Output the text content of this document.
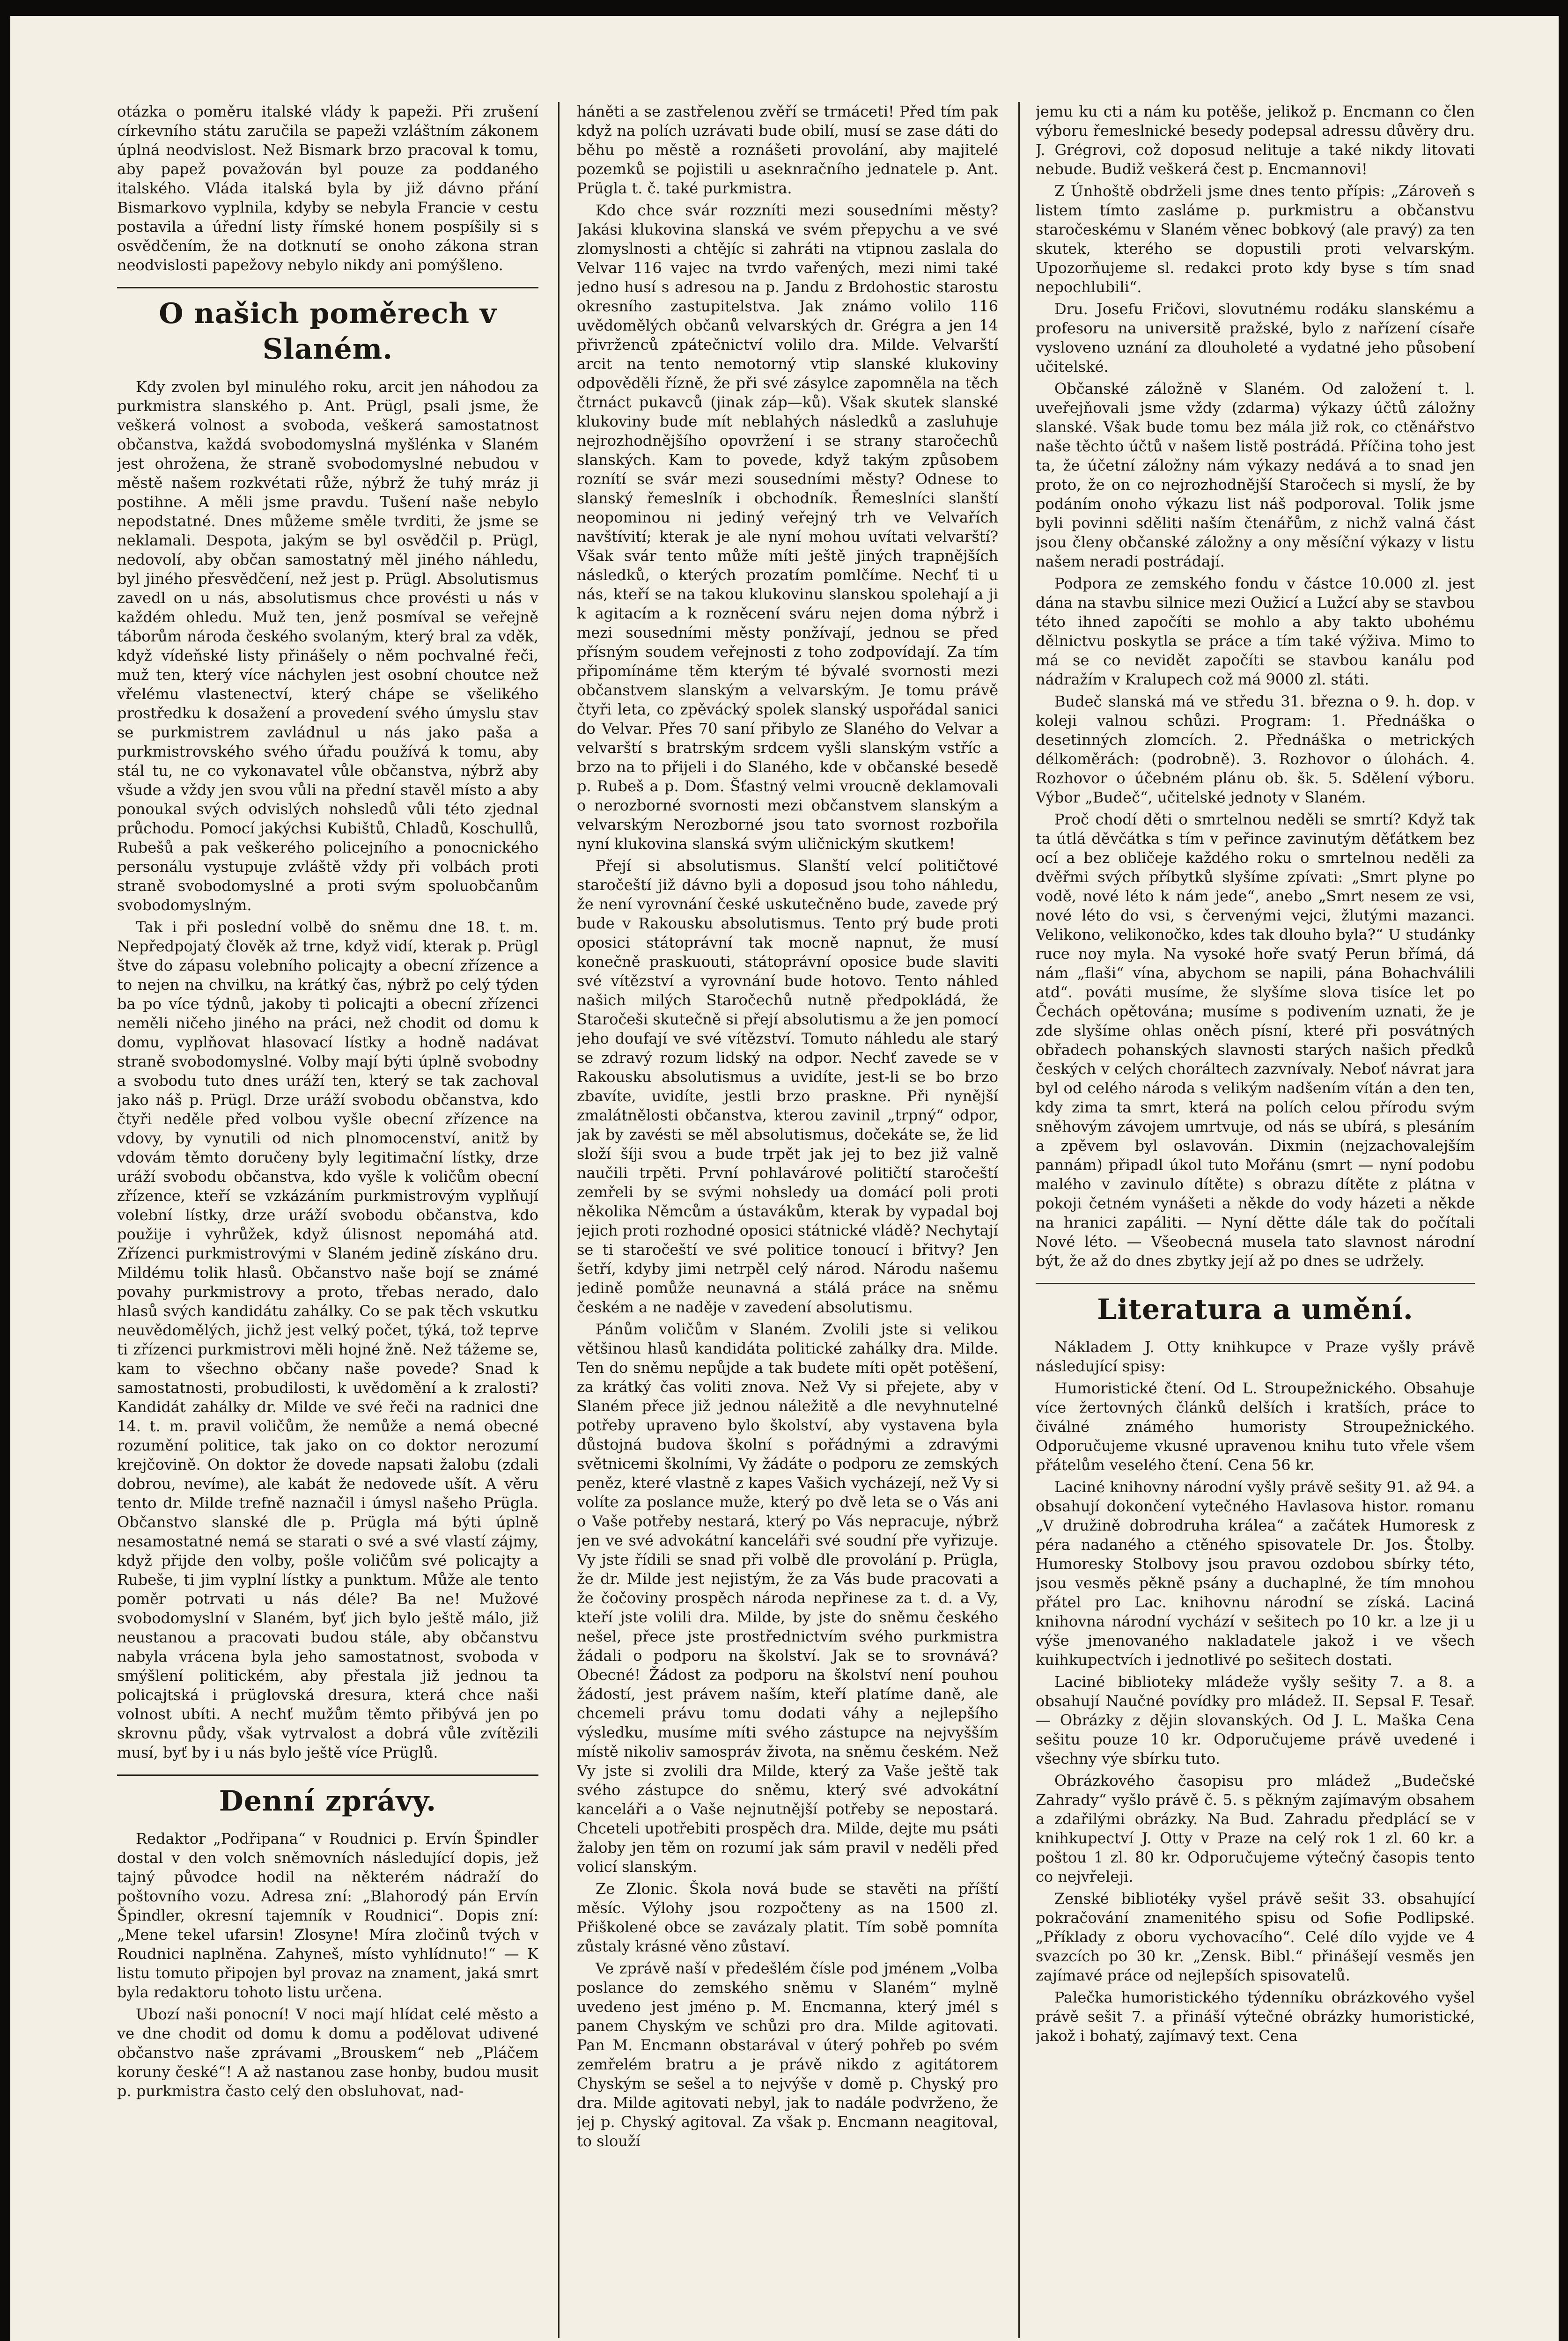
otázka o poměru italské vlády k papeži. Při zrušení církevního státu zaručila se papeži vzláštním zákonem úplná neodvislost. Než Bismark brzo pracoval k tomu, aby papež považován byl pouze za poddaného italského. Vláda italská byla by již dávno přání Bismarkovo vyplnila, kdyby se nebyla Francie v cestu postavila a úřední listy římské honem pospíšily si s osvědčením, že na dotknutí se onoho zákona stran neodvislosti papežovy nebylo nikdy ani pomýšleno.

O našich poměrech v Slaném.

Kdy zvolen byl minulého roku, arcit jen náhodou za purkmistra slanského p. Ant. Prügl, psali jsme, že veškerá volnost a svoboda, veškerá samostatnost občanstva, každá svobodomyslná myšlénka v Slaném jest ohrožena, že straně svobodomyslné nebudou v městě našem rozkvétati růže, nýbrž že tuhý mráz ji postihne. A měli jsme pravdu. Tušení naše nebylo nepodstatné. Dnes můžeme směle tvrditi, že jsme se neklamali. Despota, jakým se byl osvědčil p. Prügl, nedovolí, aby občan samostatný měl jiného náhledu, byl jiného přesvědčení, než jest p. Prügl. Absolutismus zavedl on u nás, absolutismus chce provésti u nás v každém ohledu. Muž ten, jenž posmíval se veřejně táborům národa českého svolaným, který bral za vděk, když vídeňské listy přinášely o něm pochvalné řeči, muž ten, který více náchylen jest osobní choutce než vřelému vlastenectví, který chápe se všelikého prostředku k dosažení a provedení svého úmyslu stav se purkmistrem zavládnul u nás jako paša a purkmistrovského svého úřadu používá k tomu, aby stál tu, ne co vykonavatel vůle občanstva, nýbrž aby všude a vždy jen svou vůli na přední stavěl místo a aby ponoukal svých odvislých nohsledů vůli této zjednal průchodu. Pomocí jakýchsi Kubištů, Chladů, Koschullů, Rubešů a pak veškerého policejního a ponocnického personálu vystupuje zvláště vždy při volbách proti straně svobodomyslné a proti svým spoluobčanům svobodomyslným.

Tak i při poslední volbě do sněmu dne 18. t. m. Nepředpojatý člověk až trne, když vidí, kterak p. Prügl štve do zápasu volebního policajty a obecní zřízence a to nejen na chvilku, na krátký čas, nýbrž po celý týden ba po více týdnů, jakoby ti policajti a obecní zřízenci neměli ničeho jiného na práci, než chodit od domu k domu, vyplňovat hlasovací lístky a hodně nadávat straně svobodomyslné. Volby mají býti úplně svobodny a svobodu tuto dnes uráží ten, který se tak zachoval jako náš p. Prügl. Drze uráží svobodu občanstva, kdo čtyři neděle před volbou vyšle obecní zřízence na vdovy, by vynutili od nich plnomocenství, anitž by vdovám těmto doručeny byly legitimační lístky, drze uráží svobodu občanstva, kdo vyšle k voličům obecní zřízence, kteří se vzkázáním purkmistrovým vyplňují volební lístky, drze uráží svobodu občanstva, kdo použije i vyhrůžek, když úlisnost nepomáhá atd. Zřízenci purkmistrovými v Slaném jedině získáno dru. Mildému tolik hlasů. Občanstvo naše bojí se známé povahy purkmistrovy a proto, třebas nerado, dalo hlasů svých kandidátu zahálky. Co se pak těch vskutku neuvědomělých, jichž jest velký počet, týká, tož teprve ti zřízenci purkmistrovi měli hojné žně. Než tážeme se, kam to všechno občany naše povede? Snad k samostatnosti, probudilosti, k uvědomění a k zralosti? Kandidát zahálky dr. Milde ve své řeči na radnici dne 14. t. m. pravil voličům, že nemůže a nemá obecné rozumění politice, tak jako on co doktor nerozumí krejčovině. On doktor že dovede napsati žalobu (zdali dobrou, nevíme), ale kabát že nedovede ušít. A věru tento dr. Milde trefně naznačil i úmysl našeho Prügla. Občanstvo slanské dle p. Prügla má býti úplně nesamostatné nemá se starati o své a své vlastí zájmy, když přijde den volby, pošle voličům své policajty a Rubeše, ti jim vyplní lístky a punktum. Může ale tento poměr potrvati u nás déle? Ba ne! Mužové svobodomyslní v Slaném, byť jich bylo ještě málo, již neustanou a pracovati budou stále, aby občanstvu nabyla vrácena byla jeho samostatnost, svoboda v smýšlení politickém, aby přestala již jednou ta policajtská i prüglovská dresura, která chce naši volnost ubíti. A nechť mužům těmto přibývá jen po skrovnu půdy, však vytrvalost a dobrá vůle zvítězili musí, byť by i u nás bylo ještě více Prüglů.

Denní zprávy.

Redaktor „Podřipana“ v Roudnici p. Ervín Špindler dostal v den volch sněmovních následující dopis, jež tajný původce hodil na některém nádraží do poštovního vozu. Adresa zní: „Blahorodý pán Ervín Špindler, okresní tajemník v Roudnici“. Dopis zní: „Mene tekel ufarsin! Zlosyne! Míra zločinů tvých v Roudnici naplněna. Zahyneš, místo vyhlídnuto!“ — K listu tomuto připojen byl provaz na znament, jaká smrt byla redaktoru tohoto listu určena.

Ubozí naši ponocní! V noci mají hlídat celé město a ve dne chodit od domu k domu a podělovat udivené občanstvo naše zprávami „Brouskem“ neb „Pláčem koruny české“! A až nastanou zase honby, budou musit p. purkmistra často celý den obsluhovat, nad-

háněti a se zastřelenou zvěří se trmáceti! Před tím pak když na polích uzrávati bude obilí, musí se zase dáti do běhu po městě a roznášeti provolání, aby majitelé pozemků se pojistili u aseknračního jednatele p. Ant. Prügla t. č. také purkmistra.

Kdo chce svár rozzníti mezi sousedními městy? Jakási klukovina slanská ve svém přepychu a ve své zlomyslnosti a chtějíc si zahráti na vtipnou zaslala do Velvar 116 vajec na tvrdo vařených, mezi nimi také jedno husí s adresou na p. Jandu z Brdohostic starostu okresního zastupitelstva. Jak známo volilo 116 uvědomělých občanů velvarských dr. Grégra a jen 14 přivrženců zpátečnictví volilo dra. Milde. Velvarští arcit na tento nemotorný vtip slanské klukoviny odpověděli řízně, že při své zásylce zapomněla na těch čtrnáct pukavců (jinak záp—ků). Však skutek slanské klukoviny bude mít neblahých následků a zasluhuje nejrozhodnějšího opovržení i se strany staročechů slanských. Kam to povede, když takým způsobem roznítí se svár mezi sousedními městy? Odnese to slanský řemeslník i obchodník. Řemeslníci slanští neopominou ni jediný veřejný trh ve Velvařích navštívití; kterak je ale nyní mohou uvítati velvarští? Však svár tento může míti ještě jiných trapnějších následků, o kterých prozatím pomlčíme. Nechť ti u nás, kteří se na takou klukovinu slanskou spolehají a ji k agitacím a k rozněcení sváru nejen doma nýbrž i mezi sousedními městy ponžívají, jednou se před přísným soudem veřejnosti z toho zodpovídají. Za tím připomínáme těm kterým té bývalé svornosti mezi občanstvem slanským a velvarským. Je tomu právě čtyři leta, co zpěvácký spolek slanský uspořádal sanici do Velvar. Přes 70 saní přibylo ze Slaného do Velvar a velvarští s bratrským srdcem vyšli slanským vstříc a brzo na to přijeli i do Slaného, kde v občanské besedě p. Rubeš a p. Dom. Šťastný velmi vroucně deklamovali o nerozborné svornosti mezi občanstvem slanským a velvarským Nerozborné jsou tato svornost rozbořila nyní klukovina slanská svým uličnickým skutkem!

Přejí si absolutismus. Slanští velcí političtové staročeští již dávno byli a doposud jsou toho náhledu, že není vyrovnání české uskutečněno bude, zavede prý bude v Rakousku absolutismus. Tento prý bude proti oposici státoprávní tak mocně napnut, že musí konečně praskuouti, státoprávní oposice bude slaviti své vítězství a vyrovnání bude hotovo. Tento náhled našich milých Staročechů nutně předpokládá, že Staročeši skutečně si přejí absolutismu a že jen pomocí jeho doufají ve své vítězství. Tomuto náhledu ale starý se zdravý rozum lidský na odpor. Nechť zavede se v Rakousku absolutismus a uvidíte, jest-li se bo brzo zbavíte, uvidíte, jestli brzo praskne. Při nynější zmalátnělosti občanstva, kterou zavinil „trpný“ odpor, jak by zavésti se měl absolutismus, dočekáte se, že lid složí šíji svou a bude trpět jak jej to bez již valně naučili trpěti. První pohlavárové političtí staročeští zemřeli by se svými nohsledy ua domácí poli proti několika Němcům a ústavákům, kterak by vypadal boj jejich proti rozhodné oposici státnické vládě? Nechytají se ti staročeští ve své politice tonoucí i břitvy? Jen šetří, kdyby jimi netrpěl celý národ. Národu našemu jedině pomůže neunavná a stálá práce na sněmu českém a ne naděje v zavedení absolutismu.

Pánům voličům v Slaném. Zvolili jste si velikou většinou hlasů kandidáta politické zahálky dra. Milde. Ten do sněmu nepůjde a tak budete míti opět potěšení, za krátký čas voliti znova. Než Vy si přejete, aby v Slaném přece již jednou náležitě a dle nevyhnutelné potřeby upraveno bylo školství, aby vystavena byla důstojná budova školní s pořádnými a zdravými světnicemi školními, Vy žádáte o podporu ze zemských peněz, které vlastně z kapes Vašich vycházejí, než Vy si volíte za poslance muže, který po dvě leta se o Vás ani o Vaše potřeby nestará, který po Vás nepracuje, nýbrž jen ve své advokátní kanceláři své soudní pře vyřizuje. Vy jste řídili se snad při volbě dle provolání p. Prügla, že dr. Milde jest nejistým, že za Vás bude pracovati a že čočoviny prospěch národa nepřinese za t. d. a Vy, kteří jste volili dra. Milde, by jste do sněmu českého nešel, přece jste prostřednictvím svého purkmistra žádali o podporu na školství. Jak se to srovnává? Obecné! Žádost za podporu na školství není pouhou žádostí, jest právem naším, kteří platíme daně, ale chcemeli právu tomu dodati váhy a nejlepšího výsledku, musíme míti svého zástupce na nejvyšším místě nikoliv samospráv života, na sněmu českém. Než Vy jste si zvolili dra Milde, který za Vaše ještě tak svého zástupce do sněmu, který své advokátní kanceláři a o Vaše nejnutnější potřeby se nepostará. Chceteli upotřebiti prospěch dra. Milde, dejte mu psáti žaloby jen těm on rozumí jak sám pravil v neděli před volicí slanským.

Ze Zlonic. Škola nová bude se stavěti na příští měsíc. Výlohy jsou rozpočteny as na 1500 zl. Přiškolené obce se zavázaly platit. Tím sobě pomníta zůstaly krásné věno zůstaví.

Ve zprávě naší v předešlém čísle pod jménem „Volba poslance do zemského sněmu v Slaném“ mylně uvedeno jest jméno p. M. Encmanna, který jmél s panem Chyským ve schůzi pro dra. Milde agitovati. Pan M. Encmann obstarával v úterý pohřeb po svém zemřelém bratru a je právě nikdo z agitátorem Chyským se sešel a to nejvýše v domě p. Chyský pro dra. Milde agitovati nebyl, jak to nadále podvrženo, že jej p. Chyský agitoval. Za však p. Encmann neagitoval, to slouží

jemu ku cti a nám ku potěše, jelikož p. Encmann co člen výboru řemeslnické besedy podepsal adressu důvěry dru. J. Grégrovi, což doposud nelituje a také nikdy litovati nebude. Budiž veškerá čest p. Encmannovi!

Z Únhoště obdrželi jsme dnes tento přípis: „Zároveň s listem tímto zasláme p. purkmistru a občanstvu staročeskému v Slaném věnec bobkový (ale pravý) za ten skutek, kterého se dopustili proti velvarským. Upozorňujeme sl. redakci proto kdy byse s tím snad nepochlubili“.

Dru. Josefu Fričovi, slovutnému rodáku slanskému a profesoru na universitě pražské, bylo z nařízení císaře vysloveno uznání za dlouholeté a vydatné jeho působení učitelské.

Občanské záložně v Slaném. Od založení t. l. uveřejňovali jsme vždy (zdarma) výkazy účtů záložny slanské. Však bude tomu bez mála již rok, co ctěnářstvo naše těchto účtů v našem listě postrádá. Příčina toho jest ta, že účetní záložny nám výkazy nedává a to snad jen proto, že on co nejrozhodnější Staročech si myslí, že by podáním onoho výkazu list náš podporoval. Tolik jsme byli povinni sděliti naším čtenářům, z nichž valná část jsou členy občanské záložny a ony měsíční výkazy v listu našem neradi postrádají.

Podpora ze zemského fondu v částce 10.000 zl. jest dána na stavbu silnice mezi Oužicí a Lužcí aby se stavbou této ihned započíti se mohlo a aby takto ubohému dělnictvu poskytla se práce a tím také výživa. Mimo to má se co nevidět započíti se stavbou kanálu pod nádražím v Kralupech což má 9000 zl. státi.

Budeč slanská má ve středu 31. března o 9. h. dop. v koleji valnou schůzi. Program: 1. Přednáška o desetinných zlomcích. 2. Přednáška o metrických délkoměrách: (podrobně). 3. Rozhovor o úlohách. 4. Rozhovor o účebném plánu ob. šk. 5. Sdělení výboru. Výbor „Budeč“, učitelské jednoty v Slaném.

Proč chodí děti o smrtelnou neděli se smrtí? Když tak ta útlá děvčátka s tím v peřince zavinutým děťátkem bez ocí a bez obličeje každého roku o smrtelnou neděli za dvěřmi svých příbytků slyšíme zpívati: „Smrt plyne po vodě, nové léto k nám jede“, anebo „Smrt nesem ze vsi, nové léto do vsi, s červenými vejci, žlutými mazanci. Velikono, velikonočko, kdes tak dlouho byla?“ U studánky ruce noy myla. Na vysoké hoře svatý Perun břímá, dá nám „flaši“ vína, abychom se napili, pána Bohachválili atd“. pováti musíme, že slyšíme slova tisíce let po Čechách opětována; musíme s podivením uznati, že je zde slyšíme ohlas oněch písní, které při posvátných obřadech pohanských slavnosti starých našich předků českých v celých choráltech zazvnívaly. Neboť návrat jara byl od celého národa s velikým nadšením vítán a den ten, kdy zima ta smrt, která na polích celou přírodu svým sněhovým závojem umrtvuje, od nás se ubírá, s plesáním a zpěvem byl oslavován. Dixmin (nejzachovalejším pannám) připadl úkol tuto Mořánu (smrt — nyní podobu malého v zavinulo dítěte) s obrazu dítěte z plátna v pokoji četném vynášeti a někde do vody házeti a někde na hranici zapáliti. — Nyní dětte dále tak do počítali Nové léto. — Všeobecná musela tato slavnost národní být, že až do dnes zbytky její až po dnes se udržely.

Literatura a umění.

Nákladem J. Otty knihkupce v Praze vyšly právě následující spisy:

Humoristické čtení. Od L. Stroupežnického. Obsahuje více žertovných článků delších i kratších, práce to čiválné známého humoristy Stroupežnického. Odporučujeme vkusné upravenou knihu tuto vřele všem přátelům veselého čtení. Cena 56 kr.

Laciné knihovny národní vyšly právě sešity 91. až 94. a obsahují dokončení vytečného Havlasova histor. romanu „V družině dobrodruha králea“ a začátek Humoresk z péra nadaného a ctěného spisovatele Dr. Jos. Štolby. Humoresky Stolbovy jsou pravou ozdobou sbírky této, jsou vesměs pěkně psány a duchaplné, že tím mnohou přátel pro Lac. knihovnu národní se získá. Laciná knihovna národní vychází v sešitech po 10 kr. a lze ji u výše jmenovaného nakladatele jakož i ve všech kuihkupectvích i jednotlivé po sešitech dostati.

Laciné biblioteky mládeže vyšly sešity 7. a 8. a obsahují Naučné povídky pro mládež. II. Sepsal F. Tesař. — Obrázky z dějin slovanských. Od J. L. Maška Cena sešitu pouze 10 kr. Odporučujeme právě uvedené i všechny výe sbírku tuto.

Obrázkového časopisu pro mládež „Budečské Zahrady“ vyšlo právě č. 5. s pěkným zajímavým obsahem a zdařilými obrázky. Na Bud. Zahradu předplácí se v knihkupectví J. Otty v Praze na celý rok 1 zl. 60 kr. a poštou 1 zl. 80 kr. Odporučujeme výtečný časopis tento co nejvřeleji.

Zenské bibliotéky vyšel právě sešit 33. obsahující pokračování znamenitého spisu od Sofie Podlipské. „Příklady z oboru vychovacího“. Celé dílo vyjde ve 4 svazcích po 30 kr. „Zensk. Bibl.“ přinášejí vesměs jen zajímavé práce od nejlepších spisovatelů.

Palečka humoristického týdenníku obrázkového vyšel právě sešit 7. a přináší výtečné obrázky humoristické, jakož i bohatý, zajímavý text. Cena
